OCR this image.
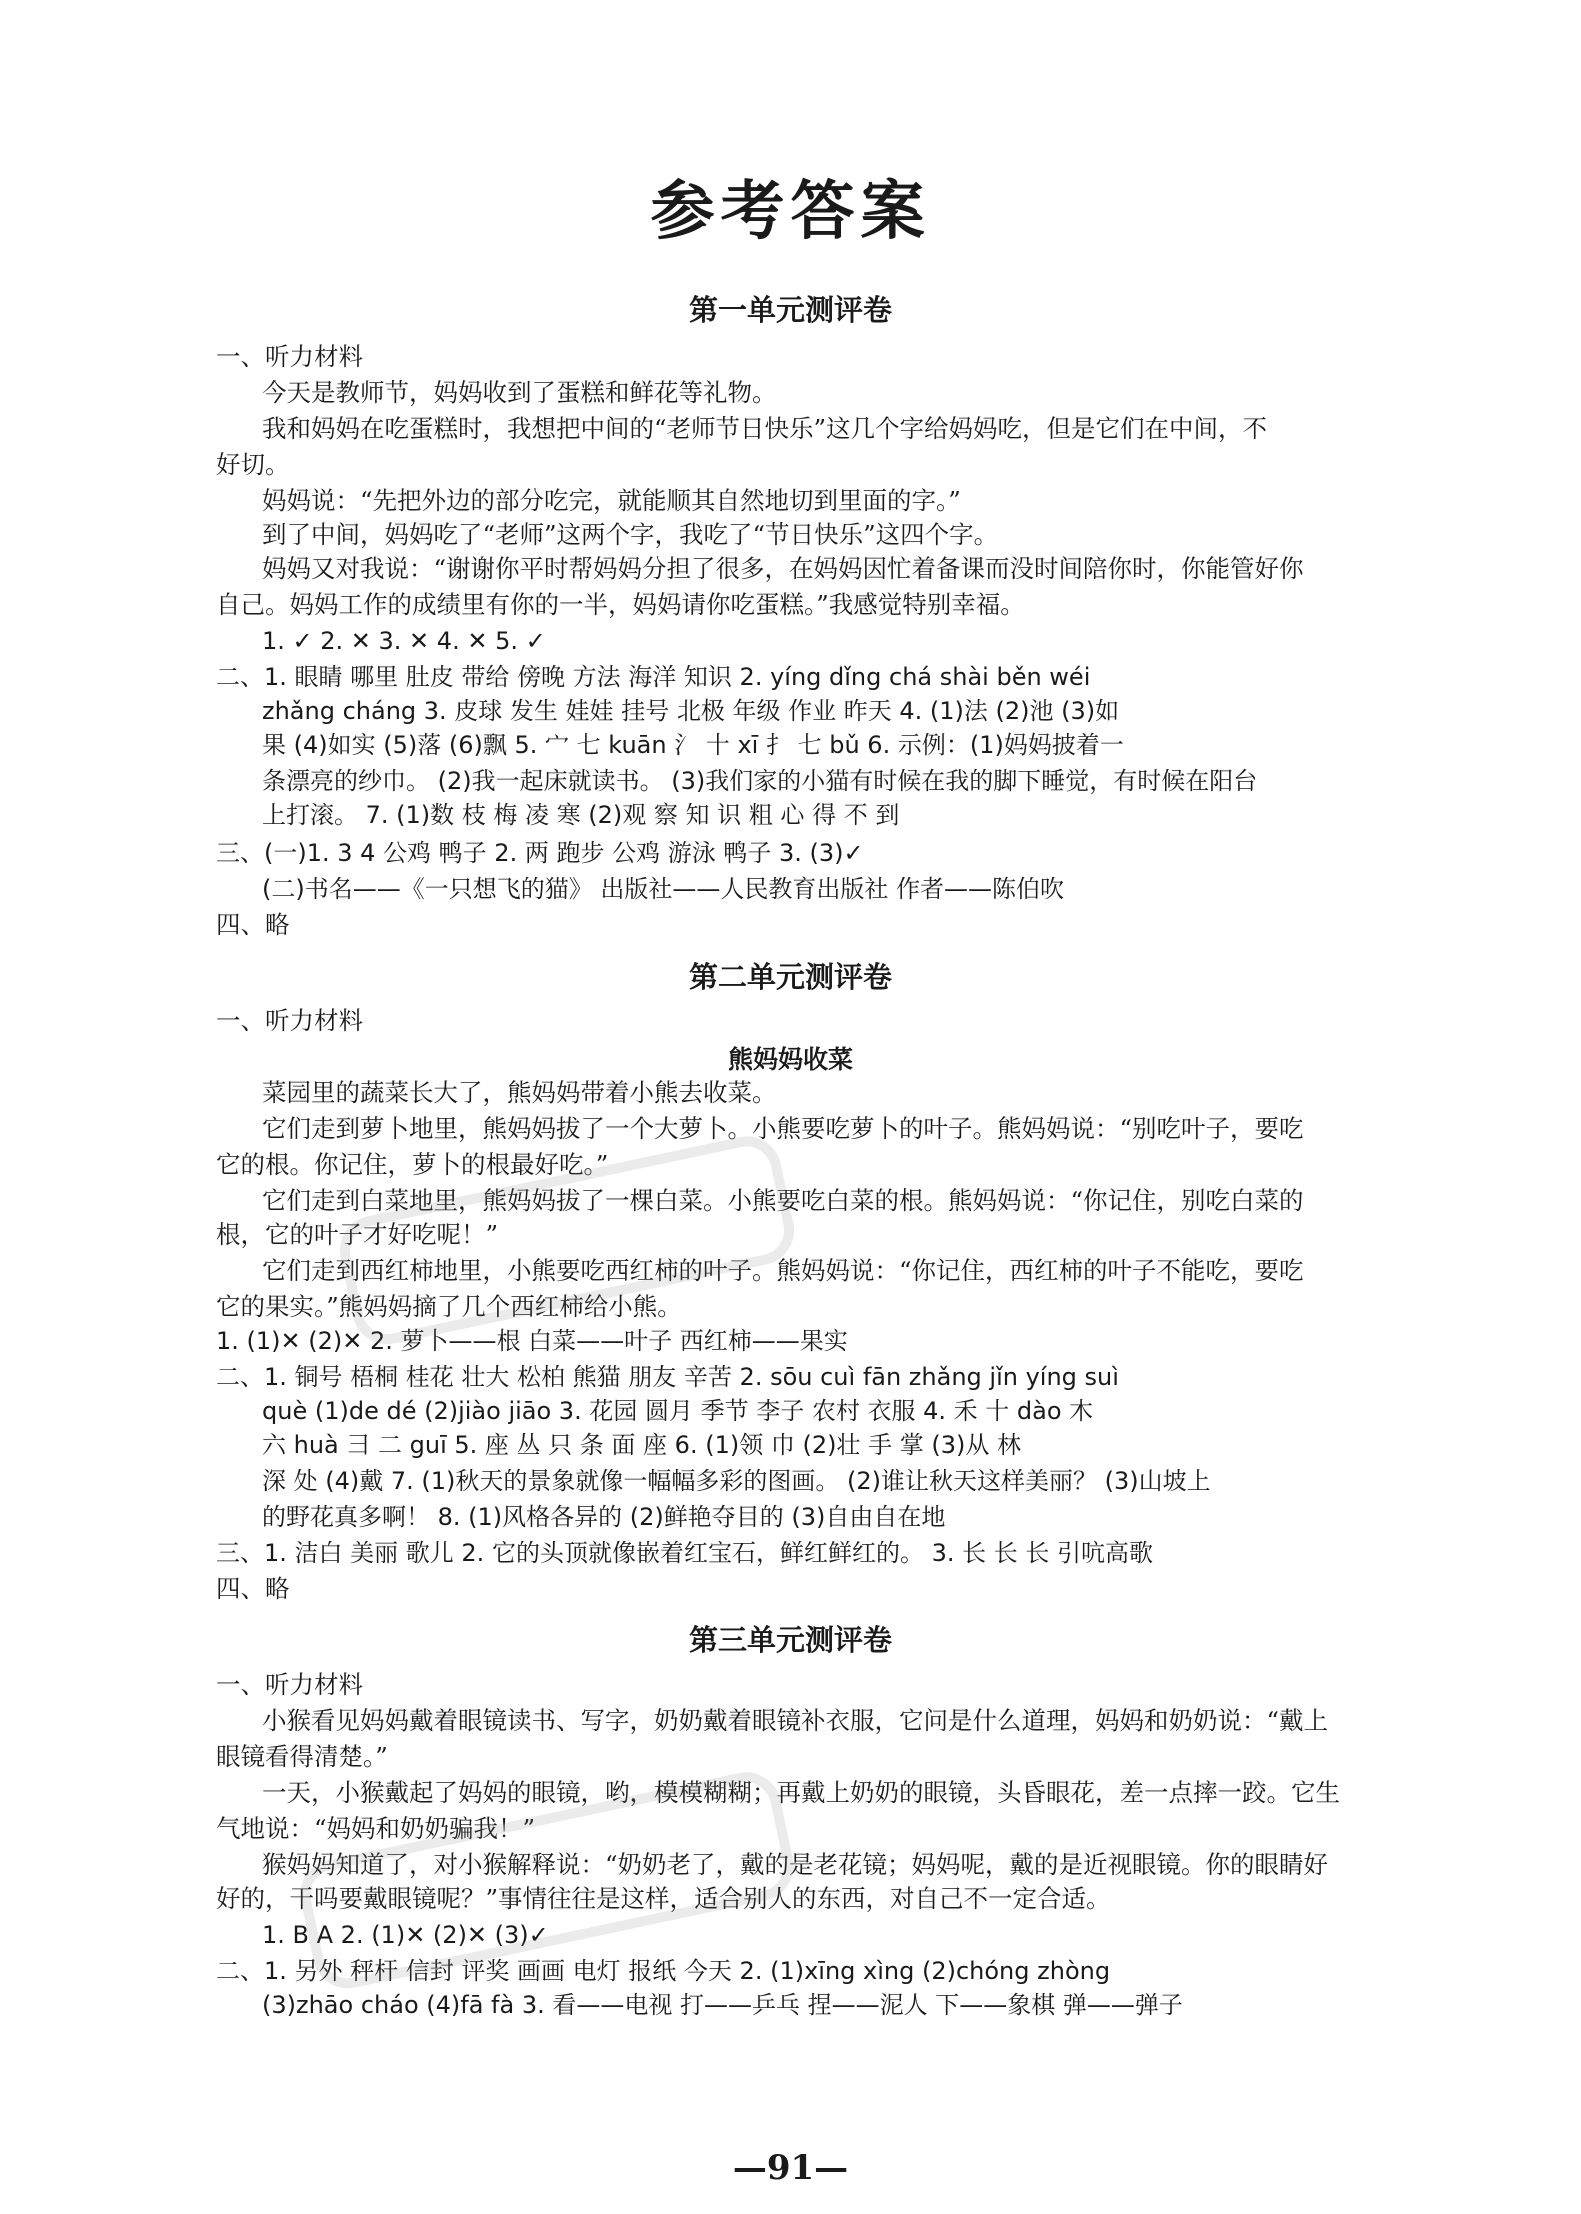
参考答案
第一单元测评卷
一、听力材料
今天是教师节，妈妈收到了蛋糕和鲜花等礼物。
我和妈妈在吃蛋糕时，我想把中间的“老师节日快乐”这几个字给妈妈吃，但是它们在中间，不
好切。
妈妈说：“先把外边的部分吃完，就能顺其自然地切到里面的字。”
到了中间，妈妈吃了“老师”这两个字，我吃了“节日快乐”这四个字。
妈妈又对我说：“谢谢你平时帮妈妈分担了很多，在妈妈因忙着备课而没时间陪你时，你能管好你
自己。妈妈工作的成绩里有你的一半，妈妈请你吃蛋糕。”我感觉特别幸福。
1. ✓ 2. ✕ 3. ✕ 4. ✕ 5. ✓
二、1. 眼睛 哪里 肚皮 带给 傍晚 方法 海洋 知识 2. yíng dǐng chá shài běn wéi
zhǎng cháng 3. 皮球 发生 娃娃 挂号 北极 年级 作业 昨天 4. (1)法 (2)池 (3)如
果 (4)如实 (5)落 (6)飘 5. 宀 七 kuān 氵 十 xī 扌 七 bǔ 6. 示例：(1)妈妈披着一
条漂亮的纱巾。 (2)我一起床就读书。 (3)我们家的小猫有时候在我的脚下睡觉，有时候在阳台
上打滚。 7. (1)数 枝 梅 凌 寒 (2)观 察 知 识 粗 心 得 不 到
三、(一)1. 3 4 公鸡 鸭子 2. 两 跑步 公鸡 游泳 鸭子 3. (3)✓
(二)书名——《一只想飞的猫》 出版社——人民教育出版社 作者——陈伯吹
四、略
第二单元测评卷
一、听力材料
熊妈妈收菜
菜园里的蔬菜长大了，熊妈妈带着小熊去收菜。
它们走到萝卜地里，熊妈妈拔了一个大萝卜。小熊要吃萝卜的叶子。熊妈妈说：“别吃叶子，要吃
它的根。你记住，萝卜的根最好吃。”
它们走到白菜地里，熊妈妈拔了一棵白菜。小熊要吃白菜的根。熊妈妈说：“你记住，别吃白菜的
根，它的叶子才好吃呢！”
它们走到西红柿地里，小熊要吃西红柿的叶子。熊妈妈说：“你记住，西红柿的叶子不能吃，要吃
它的果实。”熊妈妈摘了几个西红柿给小熊。
1. (1)✕ (2)✕ 2. 萝卜——根 白菜——叶子 西红柿——果实
二、1. 铜号 梧桐 桂花 壮大 松柏 熊猫 朋友 辛苦 2. sōu cuì fān zhǎng jǐn yíng suì
què (1)de dé (2)jiào jiāo 3. 花园 圆月 季节 李子 农村 衣服 4. 禾 十 dào 木
六 huà 彐 二 guī 5. 座 丛 只 条 面 座 6. (1)领 巾 (2)壮 手 掌 (3)从 林
深 处 (4)戴 7. (1)秋天的景象就像一幅幅多彩的图画。 (2)谁让秋天这样美丽？ (3)山坡上
的野花真多啊！ 8. (1)风格各异的 (2)鲜艳夺目的 (3)自由自在地
三、1. 洁白 美丽 歌儿 2. 它的头顶就像嵌着红宝石，鲜红鲜红的。 3. 长 长 长 引吭高歌
四、略
第三单元测评卷
一、听力材料
小猴看见妈妈戴着眼镜读书、写字，奶奶戴着眼镜补衣服，它问是什么道理，妈妈和奶奶说：“戴上
眼镜看得清楚。”
一天，小猴戴起了妈妈的眼镜，哟，模模糊糊；再戴上奶奶的眼镜，头昏眼花，差一点摔一跤。它生
气地说：“妈妈和奶奶骗我！”
猴妈妈知道了，对小猴解释说：“奶奶老了，戴的是老花镜；妈妈呢，戴的是近视眼镜。你的眼睛好
好的，干吗要戴眼镜呢？”事情往往是这样，适合别人的东西，对自己不一定合适。
1. B A 2. (1)✕ (2)✕ (3)✓
二、1. 另外 秤杆 信封 评奖 画画 电灯 报纸 今天 2. (1)xīng xìng (2)chóng zhòng
(3)zhāo cháo (4)fā fà 3. 看——电视 打——乒乓 捏——泥人 下——象棋 弹——弹子
—91—
